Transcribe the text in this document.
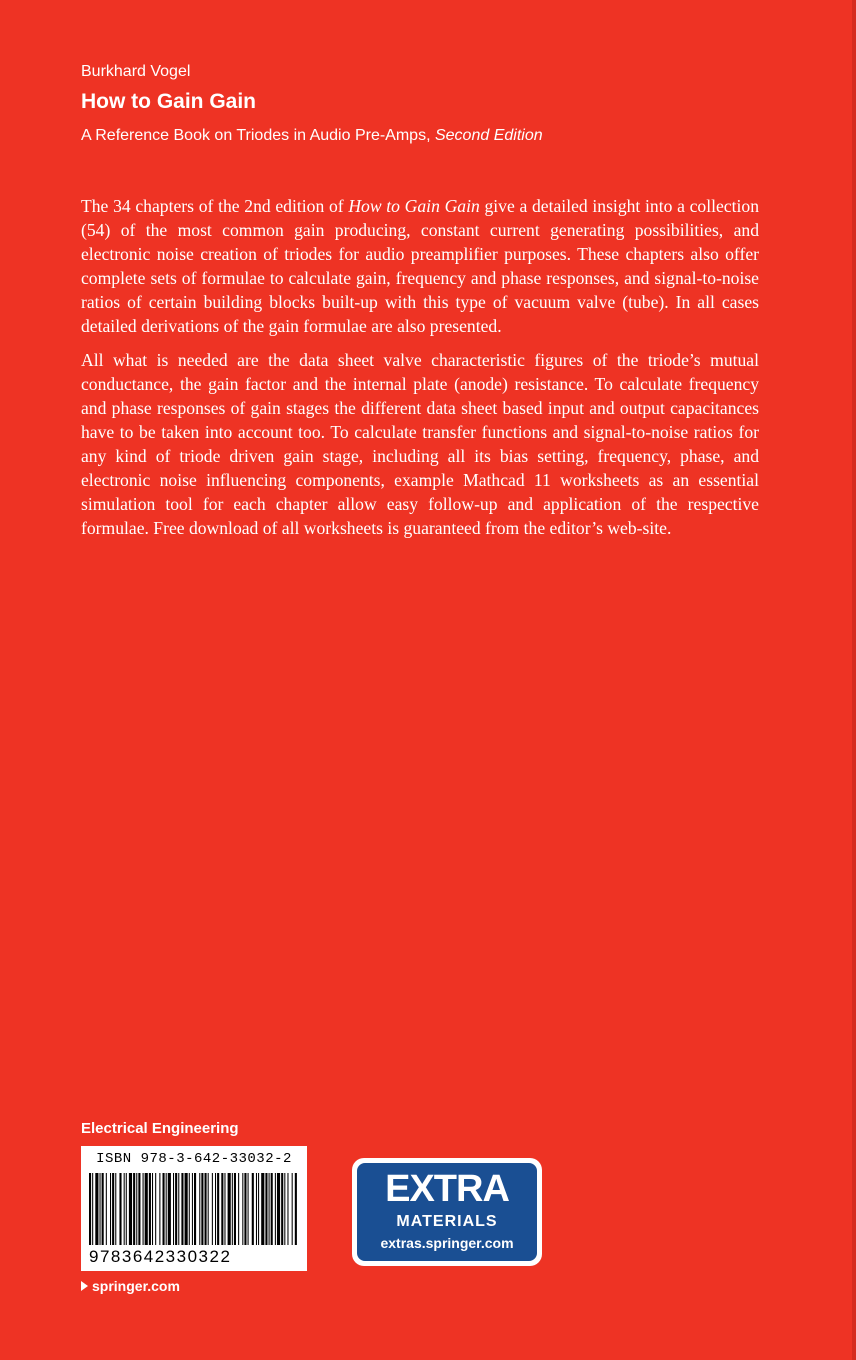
Burkhard Vogel
How to Gain Gain
A Reference Book on Triodes in Audio Pre-Amps, Second Edition

The 34 chapters of the 2nd edition of How to Gain Gain give a detailed insight into a collection (54) of the most common gain producing, constant current generating possibilities, and electronic noise creation of triodes for audio preamplifier purposes. These chapters also offer complete sets of formulae to calculate gain, frequency and phase responses, and signal-to-noise ratios of certain building blocks built-up with this type of vacuum valve (tube). In all cases detailed derivations of the gain formulae are also presented.

All what is needed are the data sheet valve characteristic figures of the triode’s mutual conductance, the gain factor and the internal plate (anode) resistance. To calculate frequency and phase responses of gain stages the different data sheet based input and output capacitances have to be taken into account too. To calculate transfer functions and signal-to-noise ratios for any kind of triode driven gain stage, including all its bias setting, frequency, phase, and electronic noise influencing components, example Mathcad 11 worksheets as an essential simulation tool for each chapter allow easy follow-up and application of the respective formulae. Free download of all worksheets is guaranteed from the editor’s web-site.

Electrical Engineering
ISBN 978-3-642-33032-2
9783642330322
springer.com
EXTRA
MATERIALS
extras.springer.com
